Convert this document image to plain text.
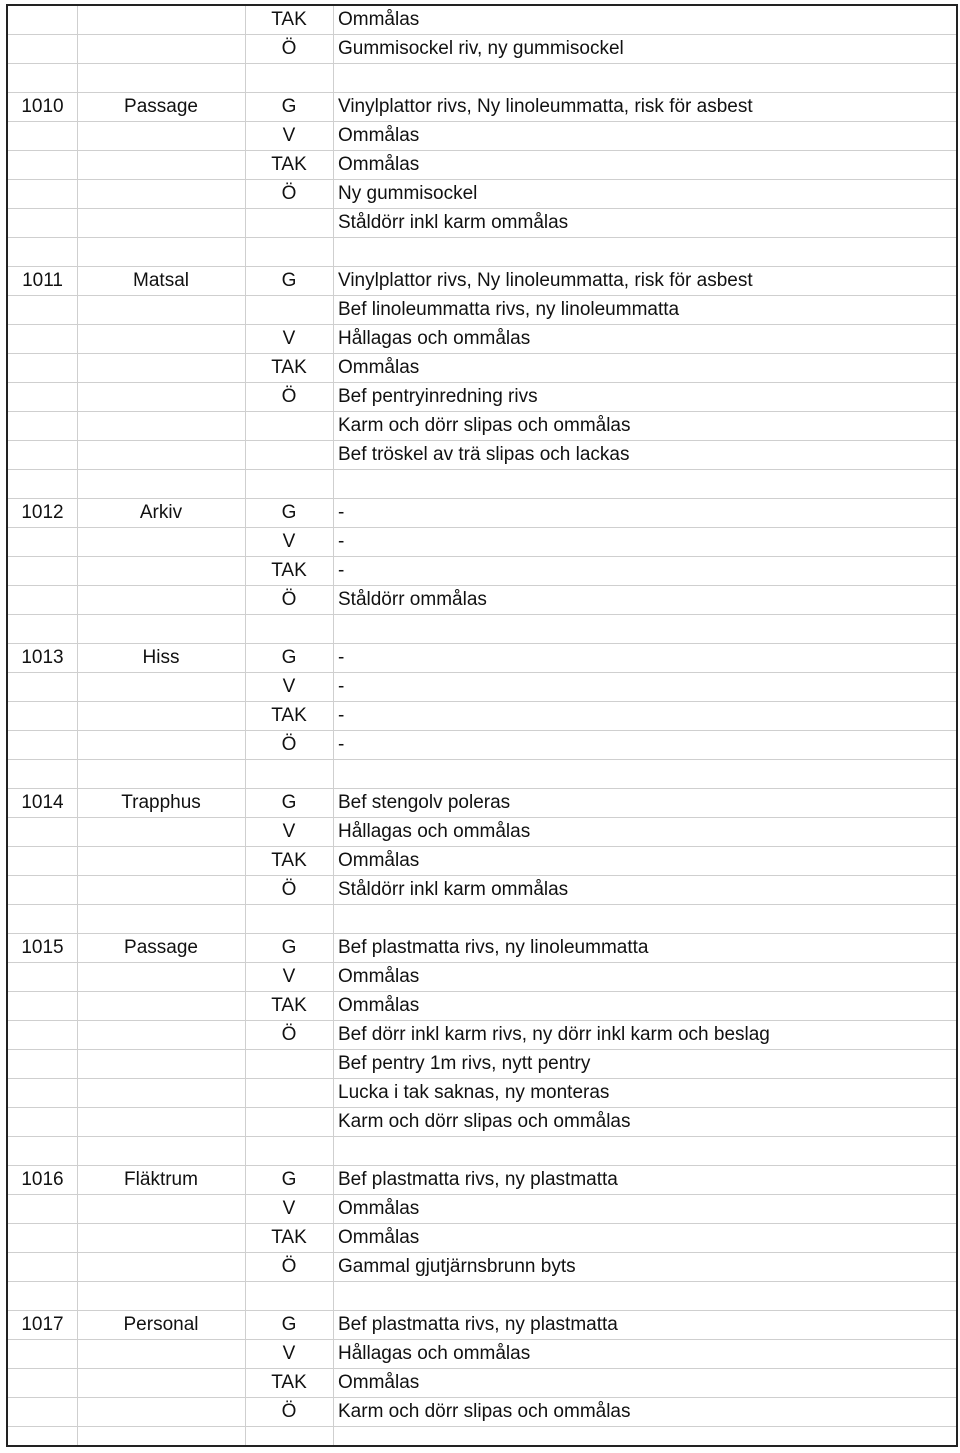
TAK	Ommålas
Ö	Gummisockel riv, ny gummisockel
1010	Passage	G	Vinylplattor rivs, Ny linoleummatta, risk för asbest
V	Ommålas
TAK	Ommålas
Ö	Ny gummisockel
Ståldörr inkl karm ommålas
1011	Matsal	G	Vinylplattor rivs, Ny linoleummatta, risk för asbest
Bef linoleummatta rivs, ny linoleummatta
V	Hållagas och ommålas
TAK	Ommålas
Ö	Bef pentryinredning rivs
Karm och dörr slipas och ommålas
Bef tröskel av trä slipas och lackas
1012	Arkiv	G	-
V	-
TAK	-
Ö	Ståldörr ommålas
1013	Hiss	G	-
V	-
TAK	-
Ö	-
1014	Trapphus	G	Bef stengolv poleras
V	Hållagas och ommålas
TAK	Ommålas
Ö	Ståldörr inkl karm ommålas
1015	Passage	G	Bef plastmatta rivs, ny linoleummatta
V	Ommålas
TAK	Ommålas
Ö	Bef dörr inkl karm rivs, ny dörr inkl karm och beslag
Bef pentry 1m rivs, nytt pentry
Lucka i tak saknas, ny monteras
Karm och dörr slipas och ommålas
1016	Fläktrum	G	Bef plastmatta rivs, ny plastmatta
V	Ommålas
TAK	Ommålas
Ö	Gammal gjutjärnsbrunn byts
1017	Personal	G	Bef plastmatta rivs, ny plastmatta
V	Hållagas och ommålas
TAK	Ommålas
Ö	Karm och dörr slipas och ommålas
